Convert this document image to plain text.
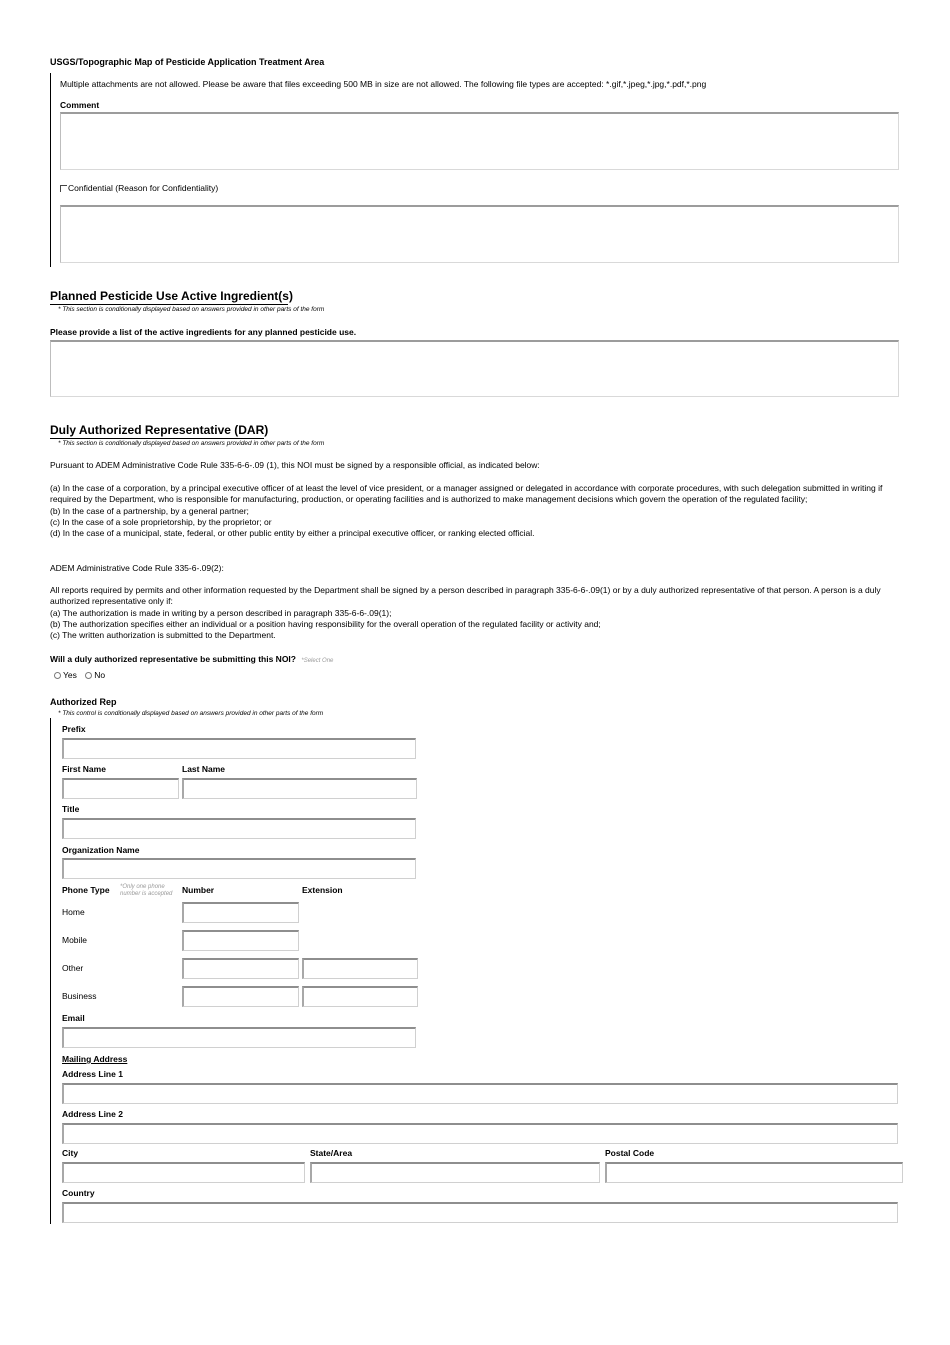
USGS/Topographic Map of Pesticide Application Treatment Area
Multiple attachments are not allowed. Please be aware that files exceeding 500 MB in size are not allowed. The following file types are accepted: *.gif,*.jpeg,*.jpg,*.pdf,*.png
Comment
Confidential (Reason for Confidentiality)
Planned Pesticide Use Active Ingredient(s)
* This section is conditionally displayed based on answers provided in other parts of the form
Please provide a list of the active ingredients for any planned pesticide use.
Duly Authorized Representative (DAR)
* This section is conditionally displayed based on answers provided in other parts of the form
Pursuant to ADEM Administrative Code Rule 335-6-6-.09 (1), this NOI must be signed by a responsible official, as indicated below:
(a) In the case of a corporation, by a principal executive officer of at least the level of vice president, or a manager assigned or delegated in accordance with corporate procedures, with such delegation submitted in writing if required by the Department, who is responsible for manufacturing, production, or operating facilities and is authorized to make management decisions which govern the operation of the regulated facility;
(b) In the case of a partnership, by a general partner;
(c) In the case of a sole proprietorship, by the proprietor; or
(d) In the case of a municipal, state, federal, or other public entity by either a principal executive officer, or ranking elected official.
ADEM Administrative Code Rule 335-6-.09(2):
All reports required by permits and other information requested by the Department shall be signed by a person described in paragraph 335-6-6-.09(1) or by a duly authorized representative of that person. A person is a duly authorized representative only if:
(a) The authorization is made in writing by a person described in paragraph 335-6-6-.09(1);
(b) The authorization specifies either an individual or a position having responsibility for the overall operation of the regulated facility or activity and;
(c) The written authorization is submitted to the Department.
Will a duly authorized representative be submitting this NOI? *Select One
Yes No
Authorized Rep
* This control is conditionally displayed based on answers provided in other parts of the form
Prefix
First Name	Last Name
Title
Organization Name
Phone Type *Only one phone number is accepted	Number	Extension
Home
Mobile
Other
Business
Email
Mailing Address
Address Line 1
Address Line 2
City	State/Area	Postal Code
Country
